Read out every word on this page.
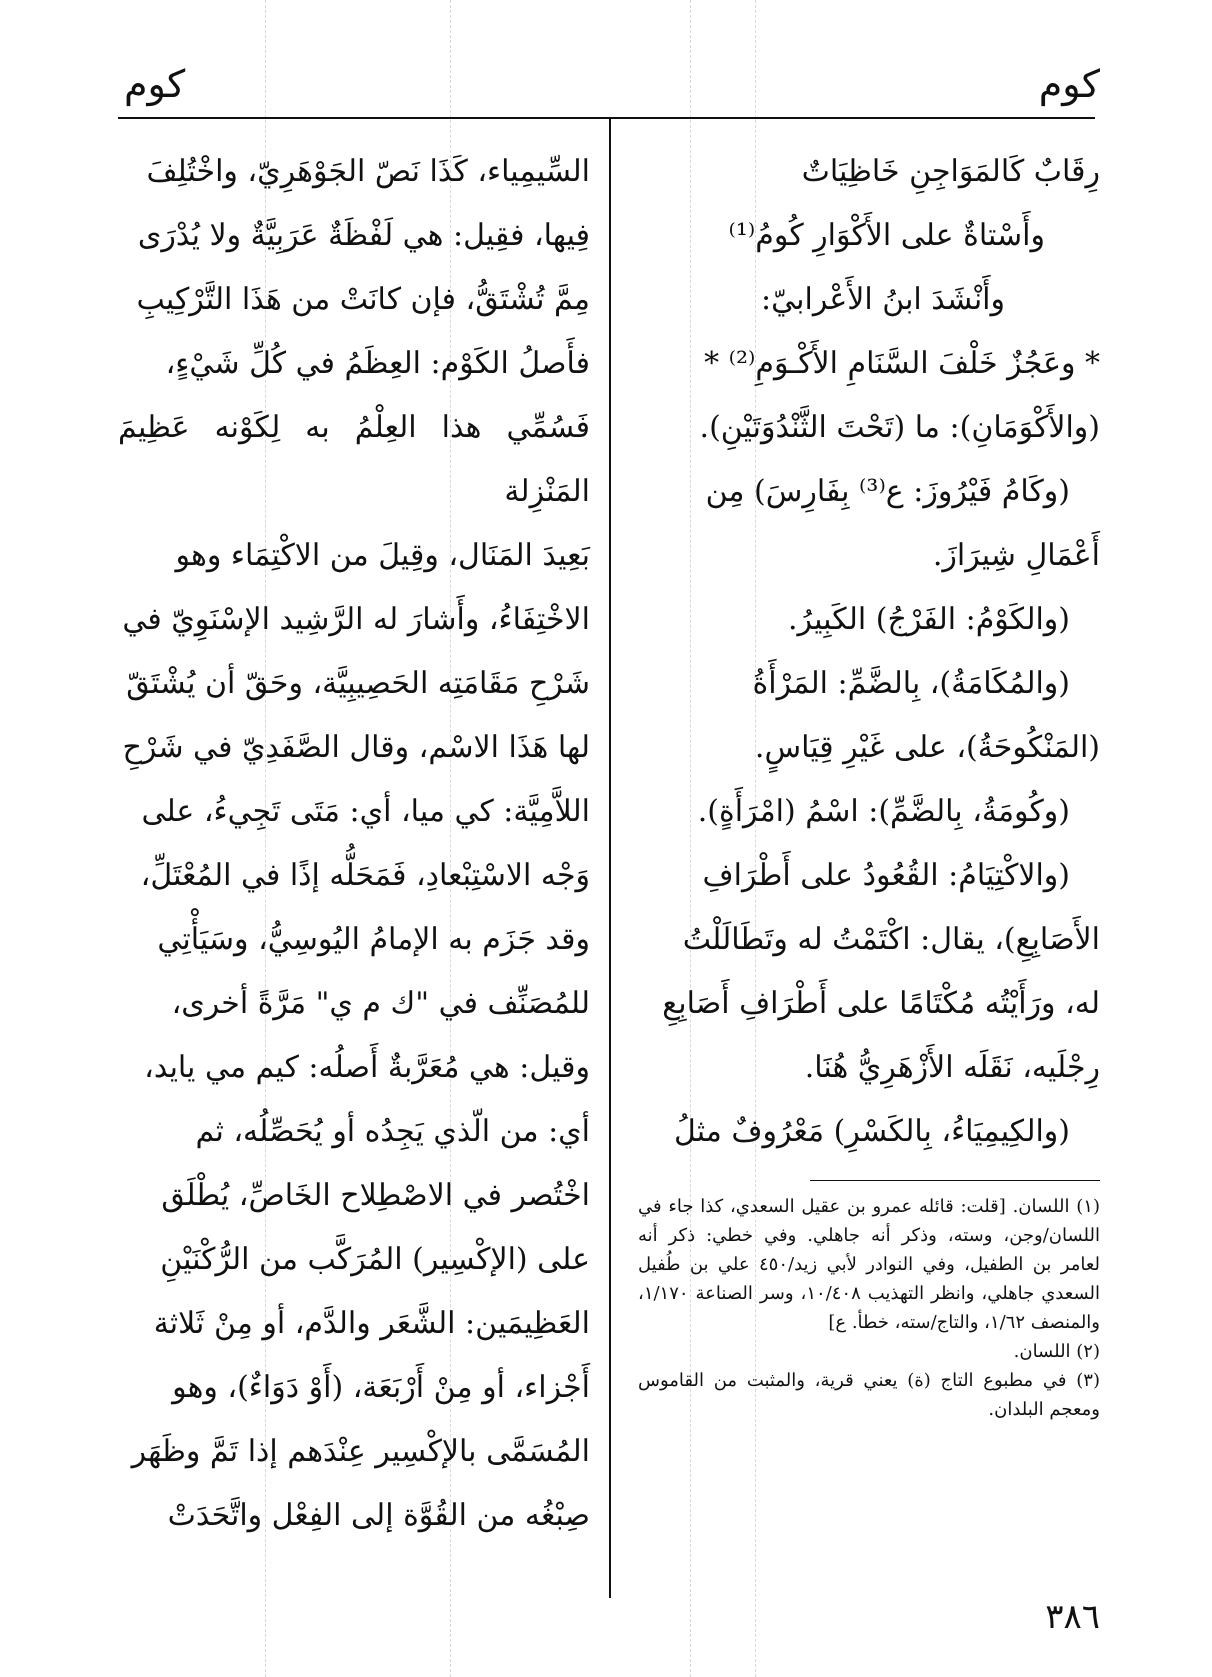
كوم
كوم

رِقَابٌ كَالمَوَاجِنِ خَاظِيَاتٌ

وأَسْتاةٌ على الأَكْوَارِ كُومُ⁽¹⁾

وأَنْشَدَ ابنُ الأَعْرابيّ:

* وعَجُزٌ خَلْفَ السَّنَامِ الأَكْـوَمِ⁽²⁾ *

(والأَكْوَمَانِ): ما (تَحْتَ الثَّنْدُوَتَيْنِ).

(وكَامُ فَيْرُوزَ: ع⁽³⁾ بِفَارِسَ) مِن

أَعْمَالِ شِيرَازَ.

(والكَوْمُ: الفَرْجُ) الكَبِيرُ.

(والمُكَامَةُ)، بِالضَّمِّ: المَرْأَةُ

(المَنْكُوحَةُ)، على غَيْرِ قِيَاسٍ.

(وكُومَةُ، بِالضَّمِّ): اسْمُ (امْرَأَةٍ).

(والاكْتِيَامُ: القُعُودُ على أَطْرَافِ

الأَصَابِعِ)، يقال: اكْتَمْتُ له وتَطَالَلْتُ

له، ورَأَيْتُه مُكْتَامًا على أَطْرَافِ أَصَابِعِ

رِجْلَيه، نَقَلَه الأَزْهَرِيُّ هُنَا.

(والكِيمِيَاءُ، بِالكَسْرِ) مَعْرُوفٌ مثلُ

السِّيمِياء، كَذَا نَصّ الجَوْهَرِيّ، واخْتُلِفَ

فِيها، فقِيل: هي لَفْظَةٌ عَرَبِيَّةٌ ولا يُدْرَى

مِمَّ تُشْتَقُّ، فإن كانَتْ من هَذَا التَّرْكِيبِ

فأَصلُ الكَوْم: العِظَمُ في كُلِّ شَيْءٍ،

فَسُمِّي هذا العِلْمُ به لِكَوْنه عَظِيمَ المَنْزِلة

بَعِيدَ المَنَال، وقِيلَ من الاكْتِمَاء وهو

الاخْتِفَاءُ، وأَشارَ له الرَّشِيد الإسْنَوِيّ في

شَرْحِ مَقَامَتِه الحَصِيبِيَّة، وحَقّ أن يُشْتَقّ

لها هَذَا الاسْم، وقال الصَّفَدِيّ في شَرْحِ

اللاَّمِيَّة: كي ميا، أي: مَتَى تَجِيءُ، على

وَجْه الاسْتِبْعادِ، فَمَحَلُّه إذًا في المُعْتَلِّ،

وقد جَزَم به الإمامُ اليُوسِيُّ، وسَيَأْتِي

للمُصَنِّف في "ك م ي" مَرَّةً أخرى،

وقيل: هي مُعَرَّبةٌ أَصلُه: كيم مي يايد،

أي: من الّذي يَجِدُه أو يُحَصِّلُه، ثم

اخْتُصر في الاصْطِلاح الخَاصِّ، يُطْلَق

على (الإكْسِير) المُرَكَّب من الرُّكْنَيْنِ

العَظِيمَين: الشَّعَر والدَّم، أو مِنْ ثَلاثة

أَجْزاء، أو مِنْ أَرْبَعَة، (أَوْ دَوَاءٌ)، وهو

المُسَمَّى بالإكْسِير عِنْدَهم إذا تَمَّ وظَهَر

صِبْغُه من القُوَّة إلى الفِعْل واتَّحَدَتْ

(١) اللسان. [قلت: قائله عمرو بن عقيل السعدي، كذا جاء في اللسان/وجن، وسته، وذكر أنه جاهلي. وفي خطي: ذكر أنه لعامر بن الطفيل، وفي النوادر لأبي زيد/٤٥٠ علي بن طُفيل السعدي جاهلي، وانظر التهذيب ١٠/٤٠٨، وسر الصناعة ١/١٧٠، والمنصف ١/٦٢، والتاج/سته، خطأ. ع]

(٢) اللسان.

(٣) في مطبوع التاج (ة) يعني قرية، والمثبت من القاموس ومعجم البلدان.

٣٨٦
